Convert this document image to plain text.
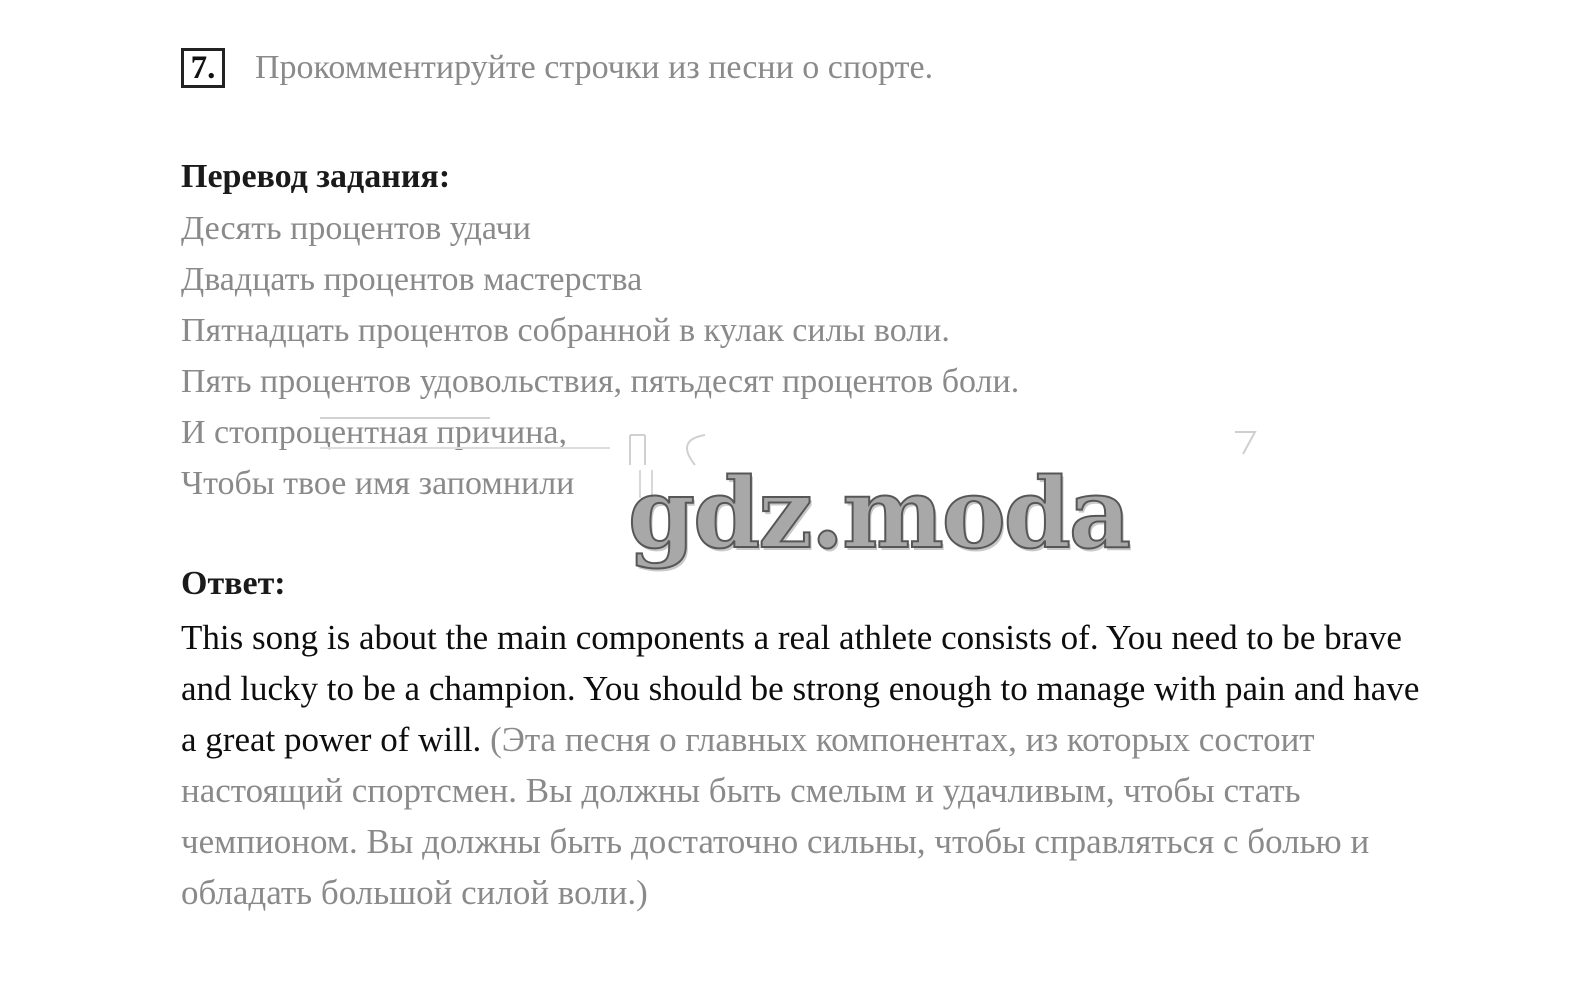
7. Прокомментируйте строчки из песни о спорте.
Перевод задания:
Десять процентов удачи
Двадцать процентов мастерства
Пятнадцать процентов собранной в кулак силы воли.
Пять процентов удовольствия, пятьдесят процентов боли.
И стопроцентная причина,
Чтобы твое имя запомнили gdz.moda
Ответ:

This song is about the main components a real athlete consists of. You need to be brave and lucky to be a champion. You should be strong enough to manage with pain and have a great power of will. (Эта песня о главных компонентах, из которых состоит настоящий спортсмен. Вы должны быть смелым и удачливым, чтобы стать чемпионом. Вы должны быть достаточно сильны, чтобы справляться с болью и обладать большой силой воли.)
